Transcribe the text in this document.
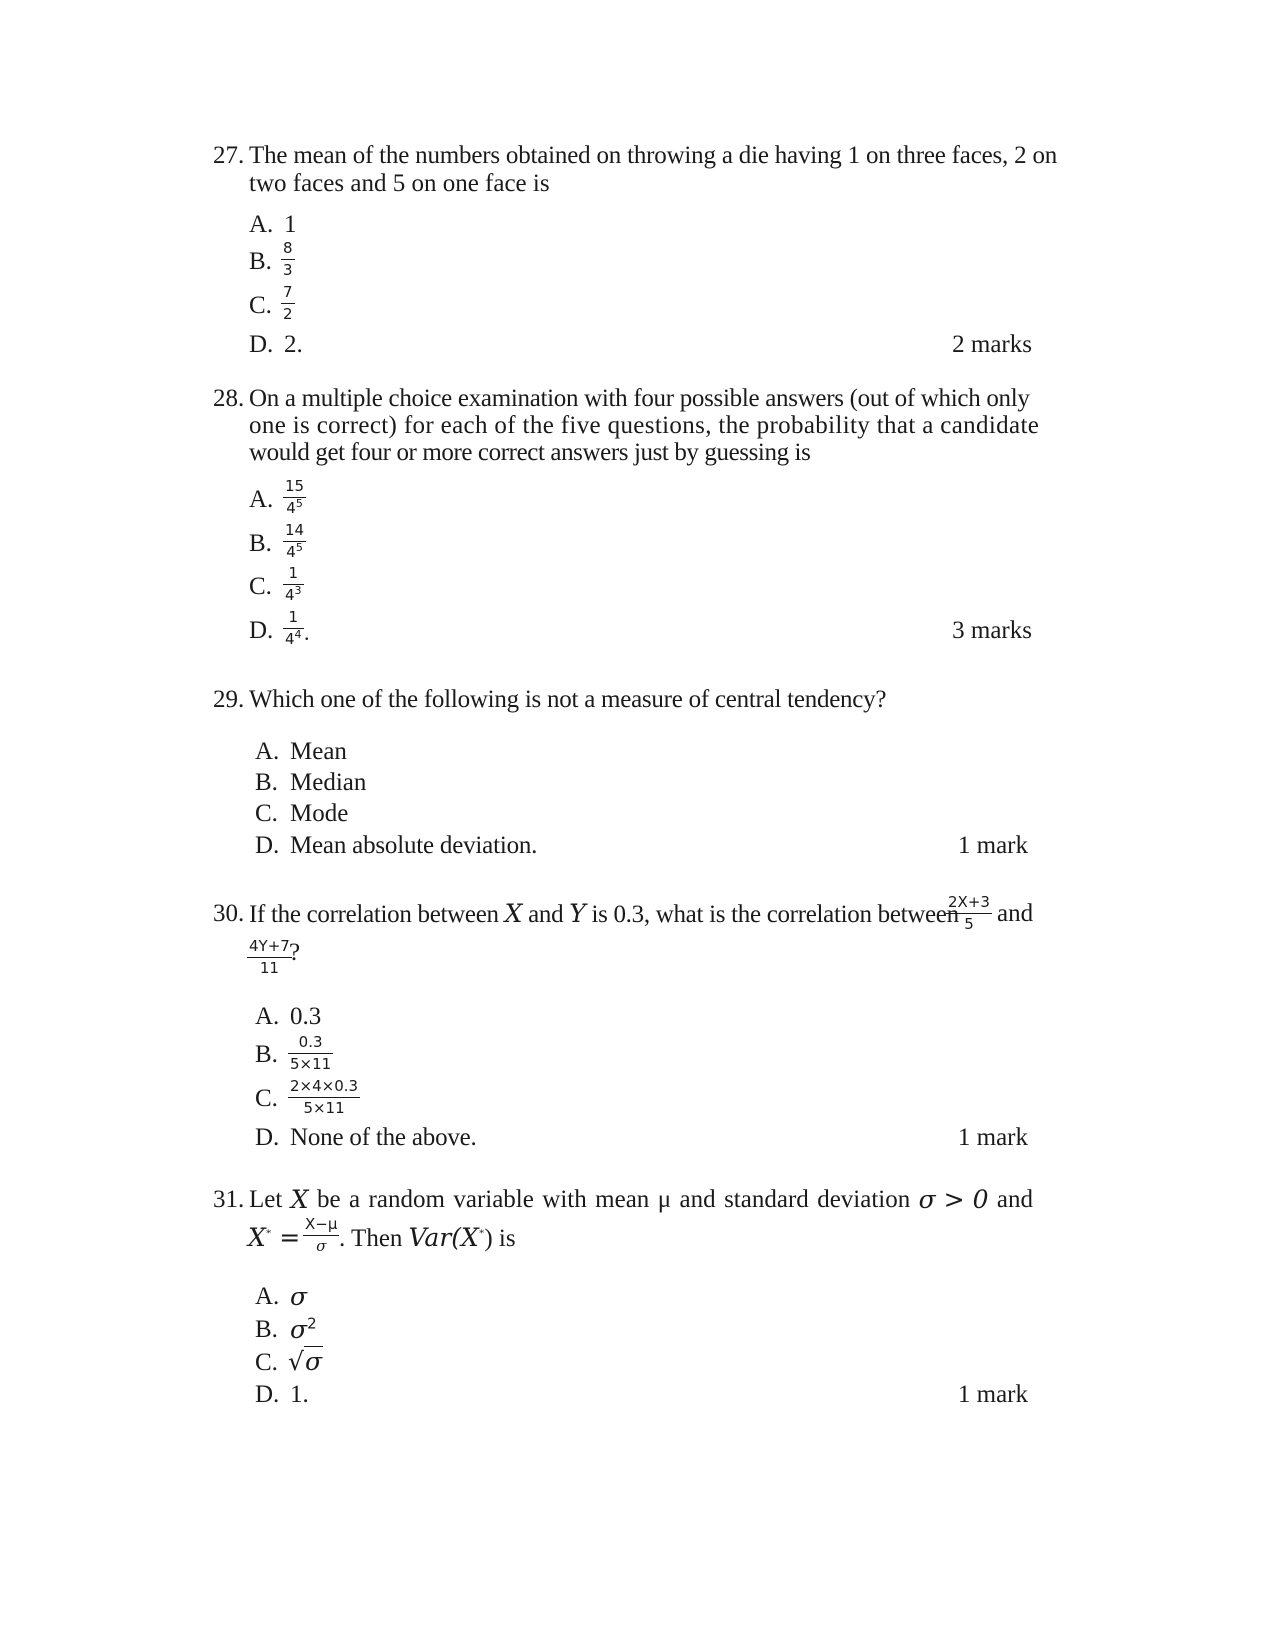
27. The mean of the numbers obtained on throwing a die having 1 on three faces, 2 on
two faces and 5 on one face is
A. 1
B. 8
3
C. 7
2
D. 2.	2 marks
28. On a multiple choice examination with four possible answers (out of which only
one is correct) for each of the five questions, the probability that a candidate
would get four or more correct answers just by guessing is
A. 15
$4^5$
B. 14
$4^5$
C. 1
$4^3$
D. 1
$4^4$ .	3 marks
29. Which one of the following is not a measure of central tendency?
A. Mean
B. Median
C. Mode
D. Mean absolute deviation.	1 mark
30. If the correlation between X and Y is 0.3, what is the correlation between
2X+3
5 and
4Y+7
11
?
A. 0.3
B. 0.3
5×11
C. 2×4×0.3
5×11
D. None of the above.	1 mark
31. Let X be a random variable with mean μ and standard deviation σ > 0 and
X* = X−μ
σ . Then Var(X*) is
A. σ
B. $\sigma^2$
C. √σ
D. 1.	1 mark
